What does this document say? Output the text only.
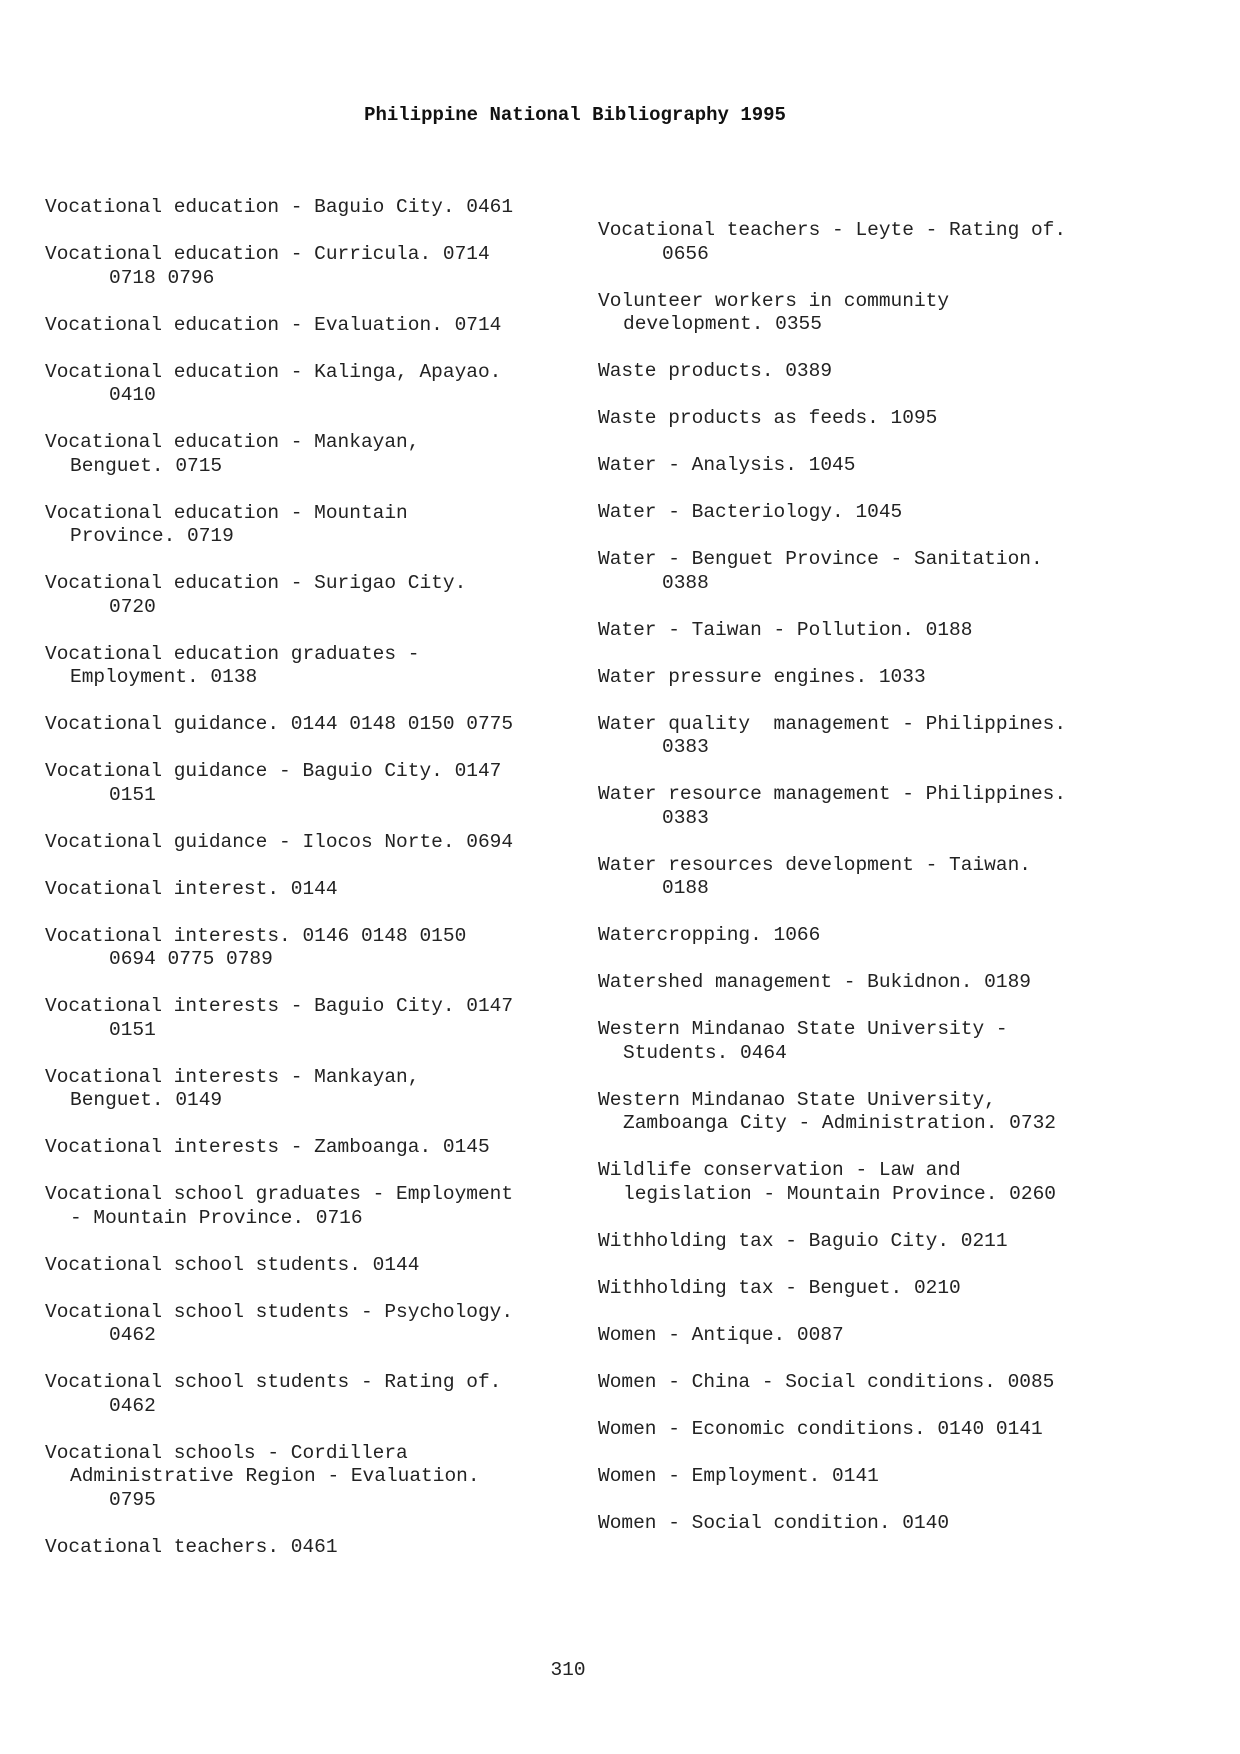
Philippine National Bibliography 1995
Vocational education - Baguio City. 0461
Vocational education - Curricula. 0714
0718 0796
Vocational education - Evaluation. 0714
Vocational education - Kalinga, Apayao.
0410
Vocational education - Mankayan,
Benguet. 0715
Vocational education - Mountain
Province. 0719
Vocational education - Surigao City.
0720
Vocational education graduates -
Employment. 0138
Vocational guidance. 0144 0148 0150 0775
Vocational guidance - Baguio City. 0147
0151
Vocational guidance - Ilocos Norte. 0694
Vocational interest. 0144
Vocational interests. 0146 0148 0150
0694 0775 0789
Vocational interests - Baguio City. 0147
0151
Vocational interests - Mankayan,
Benguet. 0149
Vocational interests - Zamboanga. 0145
Vocational school graduates - Employment
- Mountain Province. 0716
Vocational school students. 0144
Vocational school students - Psychology.
0462
Vocational school students - Rating of.
0462
Vocational schools - Cordillera
Administrative Region - Evaluation.
0795
Vocational teachers. 0461
Vocational teachers - Leyte - Rating of.
0656
Volunteer workers in community
development. 0355
Waste products. 0389
Waste products as feeds. 1095
Water - Analysis. 1045
Water - Bacteriology. 1045
Water - Benguet Province - Sanitation.
0388
Water - Taiwan - Pollution. 0188
Water pressure engines. 1033
Water quality  management - Philippines.
0383
Water resource management - Philippines.
0383
Water resources development - Taiwan.
0188
Watercropping. 1066
Watershed management - Bukidnon. 0189
Western Mindanao State University -
Students. 0464
Western Mindanao State University,
Zamboanga City - Administration. 0732
Wildlife conservation - Law and
legislation - Mountain Province. 0260
Withholding tax - Baguio City. 0211
Withholding tax - Benguet. 0210
Women - Antique. 0087
Women - China - Social conditions. 0085
Women - Economic conditions. 0140 0141
Women - Employment. 0141
Women - Social condition. 0140
310
